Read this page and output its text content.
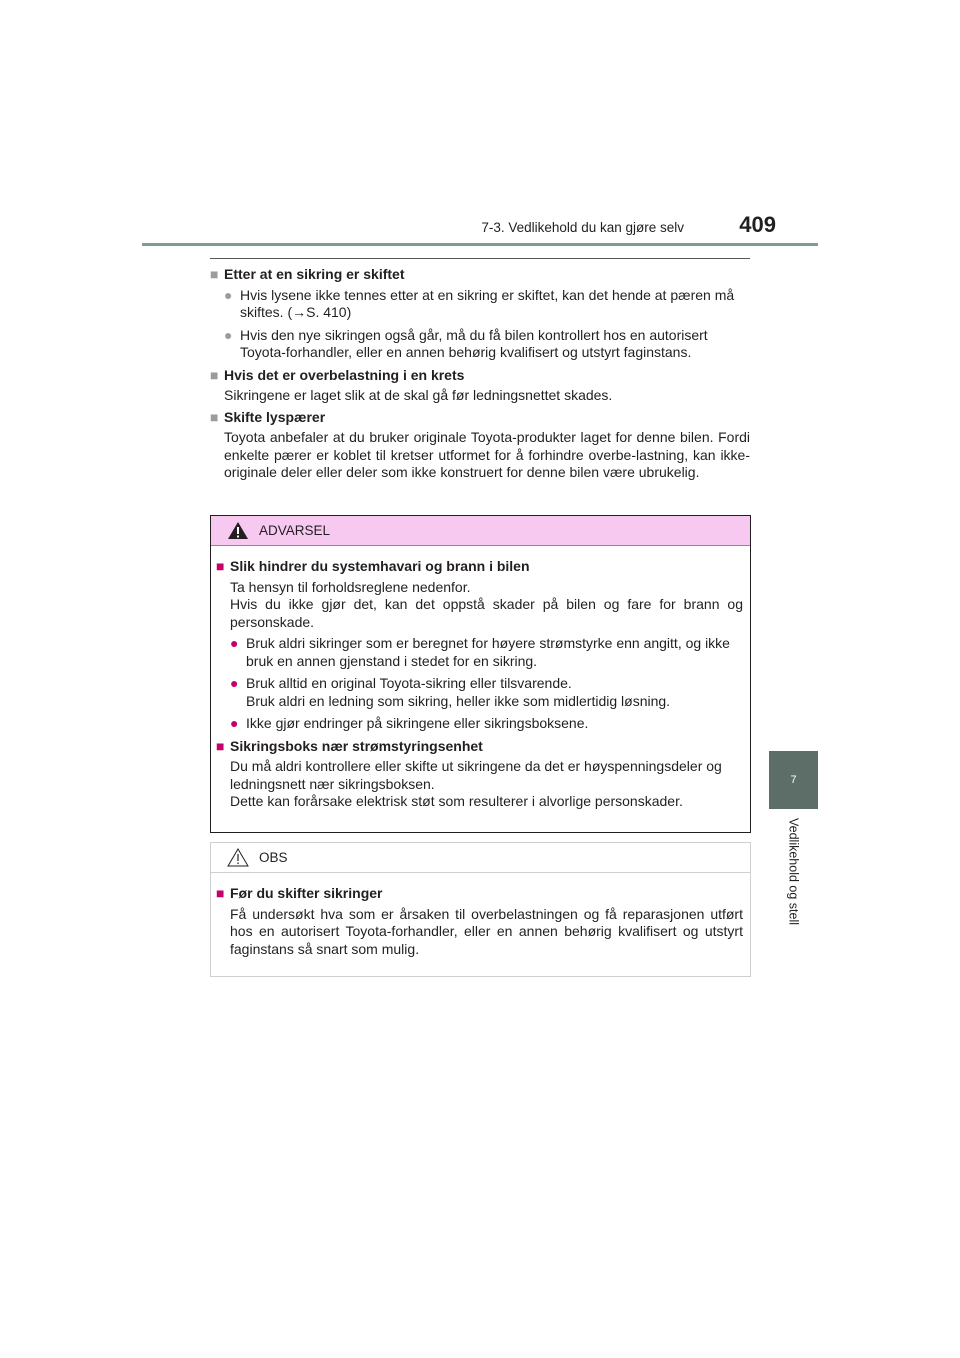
7-3. Vedlikehold du kan gjøre selv	409
7
Vedlikehold og stell
■ Etter at en sikring er skiftet
● Hvis lysene ikke tennes etter at en sikring er skiftet, kan det hende at pæren må skiftes. (→S. 410)
● Hvis den nye sikringen også går, må du få bilen kontrollert hos en autorisert Toyota-forhandler, eller en annen behørig kvalifisert og utstyrt faginstans.
■ Hvis det er overbelastning i en krets
Sikringene er laget slik at de skal gå før ledningsnettet skades.
■ Skifte lyspærer
Toyota anbefaler at du bruker originale Toyota-produkter laget for denne bilen. Fordi enkelte pærer er koblet til kretser utformet for å forhindre overbe-lastning, kan ikke-originale deler eller deler som ikke konstruert for denne bilen være ubrukelig.
ADVARSEL
■ Slik hindrer du systemhavari og brann i bilen
Ta hensyn til forholdsreglene nedenfor.
Hvis du ikke gjør det, kan det oppstå skader på bilen og fare for brann og personskade.
● Bruk aldri sikringer som er beregnet for høyere strømstyrke enn angitt, og ikke bruk en annen gjenstand i stedet for en sikring.
● Bruk alltid en original Toyota-sikring eller tilsvarende.
Bruk aldri en ledning som sikring, heller ikke som midlertidig løsning.
● Ikke gjør endringer på sikringene eller sikringsboksene.
■ Sikringsboks nær strømstyringsenhet
Du må aldri kontrollere eller skifte ut sikringene da det er høyspenningsdeler og ledningsnett nær sikringsboksen.
Dette kan forårsake elektrisk støt som resulterer i alvorlige personskader.
OBS
■ Før du skifter sikringer
Få undersøkt hva som er årsaken til overbelastningen og få reparasjonen utført hos en autorisert Toyota-forhandler, eller en annen behørig kvalifisert og utstyrt faginstans så snart som mulig.
